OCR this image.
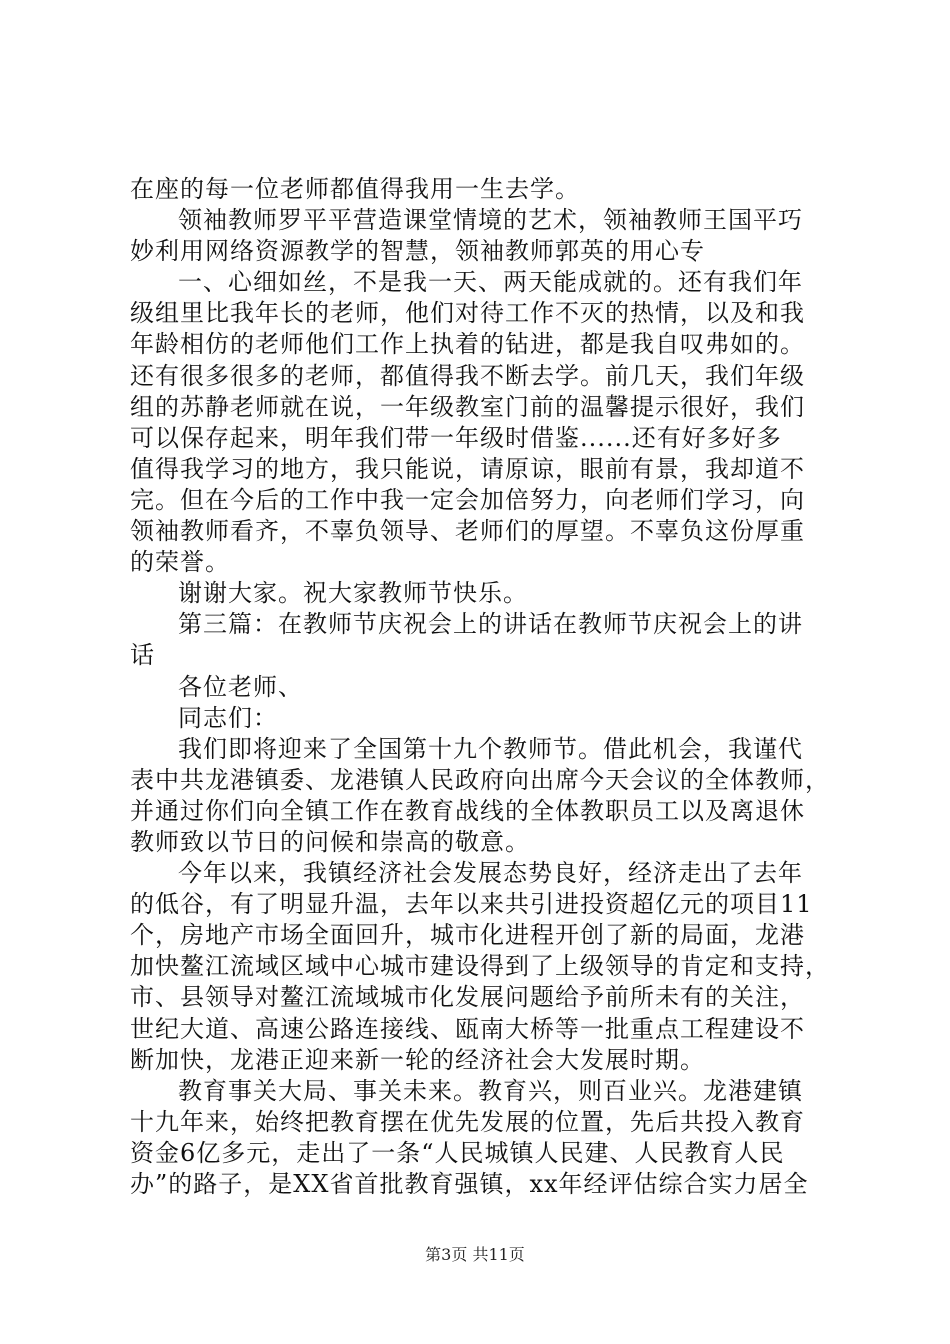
在座的每一位老师都值得我用一生去学。
领袖教师罗平平营造课堂情境的艺术，领袖教师王国平巧
妙利用网络资源教学的智慧，领袖教师郭英的用心专
一、心细如丝，不是我一天、两天能成就的。还有我们年
级组里比我年长的老师，他们对待工作不灭的热情，以及和我
年龄相仿的老师他们工作上执着的钻进，都是我自叹弗如的。
还有很多很多的老师，都值得我不断去学。前几天，我们年级
组的苏静老师就在说，一年级教室门前的温馨提示很好，我们
可以保存起来，明年我们带一年级时借鉴......还有好多好多
值得我学习的地方，我只能说，请原谅，眼前有景，我却道不
完。但在今后的工作中我一定会加倍努力，向老师们学习，向
领袖教师看齐，不辜负领导、老师们的厚望。不辜负这份厚重
的荣誉。
谢谢大家。祝大家教师节快乐。
第三篇：在教师节庆祝会上的讲话在教师节庆祝会上的讲
话
各位老师、
同志们：
我们即将迎来了全国第十九个教师节。借此机会，我谨代
表中共龙港镇委、龙港镇人民政府向出席今天会议的全体教师，
并通过你们向全镇工作在教育战线的全体教职员工以及离退休
教师致以节日的问候和崇高的敬意。
今年以来，我镇经济社会发展态势良好，经济走出了去年
的低谷，有了明显升温，去年以来共引进投资超亿元的项目11
个，房地产市场全面回升，城市化进程开创了新的局面，龙港
加快鳌江流域区域中心城市建设得到了上级领导的肯定和支持，
市、县领导对鳌江流域城市化发展问题给予前所未有的关注，
世纪大道、高速公路连接线、瓯南大桥等一批重点工程建设不
断加快，龙港正迎来新一轮的经济社会大发展时期。
教育事关大局、事关未来。教育兴，则百业兴。龙港建镇
十九年来，始终把教育摆在优先发展的位置，先后共投入教育
资金6亿多元，走出了一条“人民城镇人民建、人民教育人民
办”的路子，是XX省首批教育强镇，xx年经评估综合实力居全
第3页 共11页
